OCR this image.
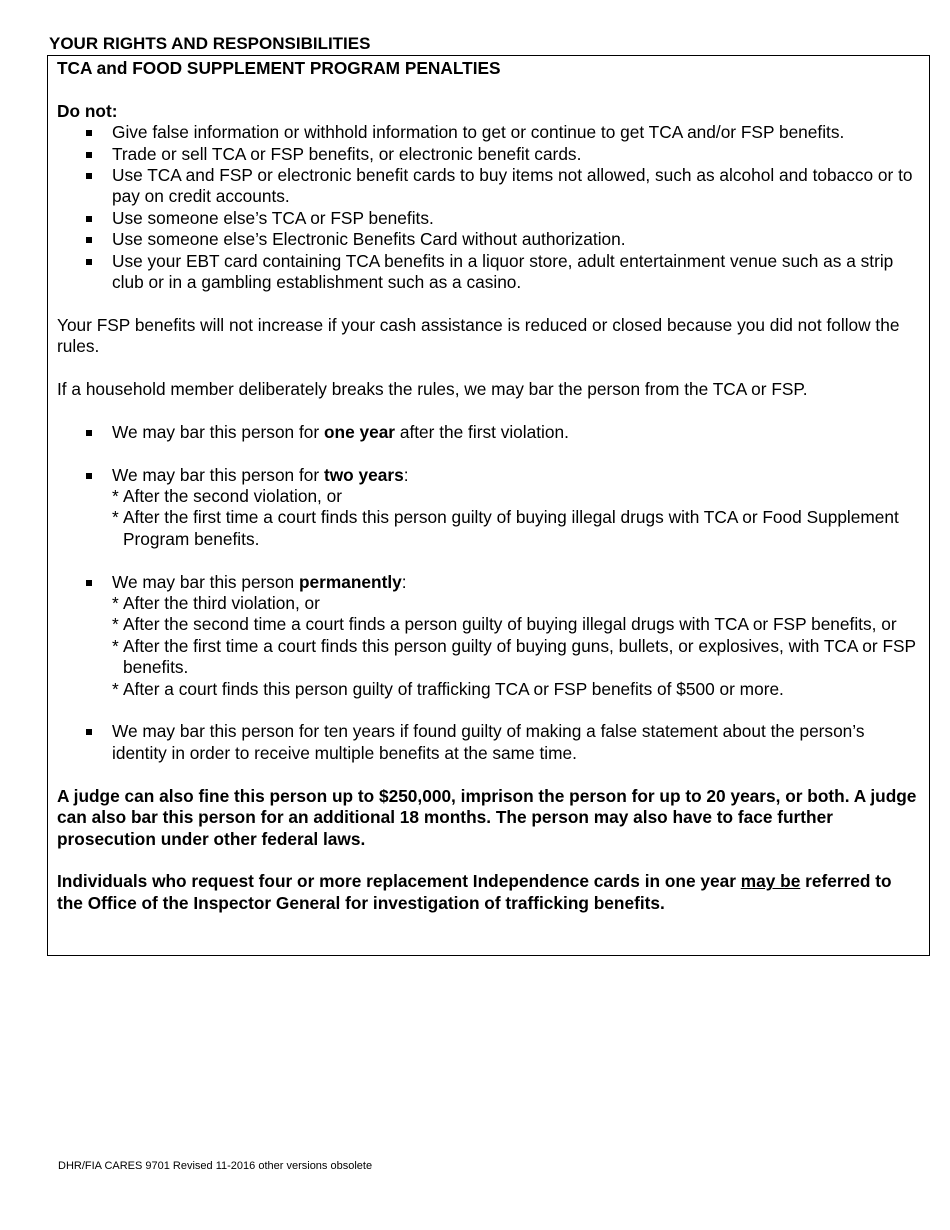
YOUR RIGHTS AND RESPONSIBILITIES

TCA and FOOD SUPPLEMENT PROGRAM PENALTIES

Do not:

Give false information or withhold information to get or continue to get TCA and/or FSP benefits.
Trade or sell TCA or FSP benefits, or electronic benefit cards.
Use TCA and FSP or electronic benefit cards to buy items not allowed, such as alcohol and tobacco or to pay on credit accounts.
Use someone else’s TCA or FSP benefits.
Use someone else’s Electronic Benefits Card without authorization.
Use your EBT card containing TCA benefits in a liquor store, adult entertainment venue such as a strip club or in a gambling establishment such as a casino.

Your FSP benefits will not increase if your cash assistance is reduced or closed because you did not follow the rules.

If a household member deliberately breaks the rules, we may bar the person from the TCA or FSP.

We may bar this person for one year after the first violation.
We may bar this person for two years:
* After the second violation, or
* After the first time a court finds this person guilty of buying illegal drugs with TCA or Food Supplement Program benefits.
We may bar this person permanently:
* After the third violation, or
* After the second time a court finds a person guilty of buying illegal drugs with TCA or FSP benefits, or
* After the first time a court finds this person guilty of buying guns, bullets, or explosives, with TCA or FSP benefits.
* After a court finds this person guilty of trafficking TCA or FSP benefits of $500 or more.
We may bar this person for ten years if found guilty of making a false statement about the person’s identity in order to receive multiple benefits at the same time.

A judge can also fine this person up to $250,000, imprison the person for up to 20 years, or both. A judge can also bar this person for an additional 18 months. The person may also have to face further prosecution under other federal laws.

Individuals who request four or more replacement Independence cards in one year may be referred to the Office of the Inspector General for investigation of trafficking benefits.

DHR/FIA CARES 9701 Revised 11-2016 other versions obsolete
